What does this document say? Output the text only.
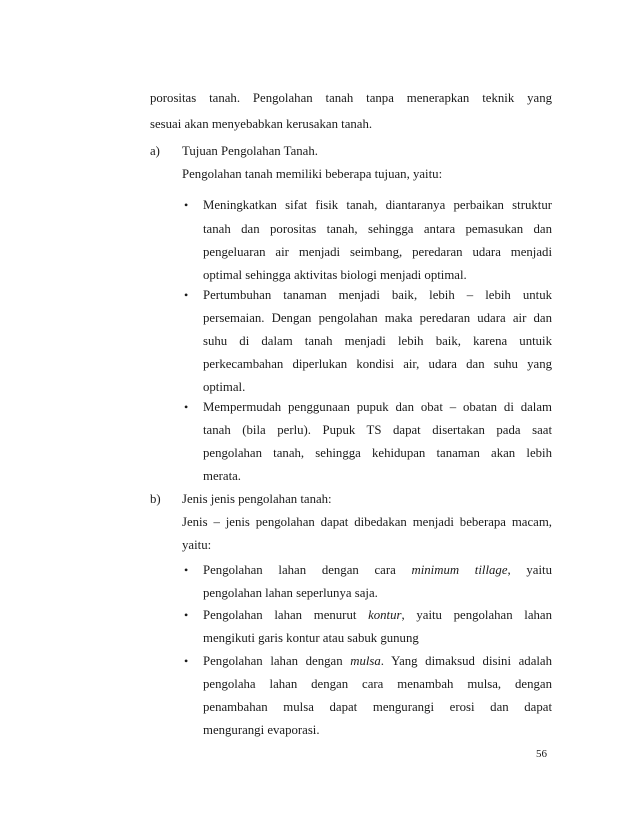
porositas tanah. Pengolahan tanah tanpa menerapkan teknik yang
sesuai akan menyebabkan kerusakan tanah.
a) Tujuan Pengolahan Tanah.
Pengolahan tanah memiliki beberapa tujuan, yaitu:
• Meningkatkan sifat fisik tanah, diantaranya perbaikan struktur
tanah dan porositas tanah, sehingga antara pemasukan dan
pengeluaran air menjadi seimbang, peredaran udara menjadi
optimal sehingga aktivitas biologi menjadi optimal.
• Pertumbuhan tanaman menjadi baik, lebih – lebih untuk
persemaian. Dengan pengolahan maka peredaran udara air dan
suhu di dalam tanah menjadi lebih baik, karena untuik
perkecambahan diperlukan kondisi air, udara dan suhu yang
optimal.
• Mempermudah penggunaan pupuk dan obat – obatan di dalam
tanah (bila perlu). Pupuk TS dapat disertakan pada saat
pengolahan tanah, sehingga kehidupan tanaman akan lebih
merata.
b) Jenis jenis pengolahan tanah:
Jenis – jenis pengolahan dapat dibedakan menjadi beberapa macam,
yaitu:
• Pengolahan lahan dengan cara minimum tillage, yaitu
pengolahan lahan seperlunya saja.
• Pengolahan lahan menurut kontur, yaitu pengolahan lahan
mengikuti garis kontur atau sabuk gunung
• Pengolahan lahan dengan mulsa. Yang dimaksud disini adalah
pengolaha lahan dengan cara menambah mulsa, dengan
penambahan mulsa dapat mengurangi erosi dan dapat
mengurangi evaporasi.
56
